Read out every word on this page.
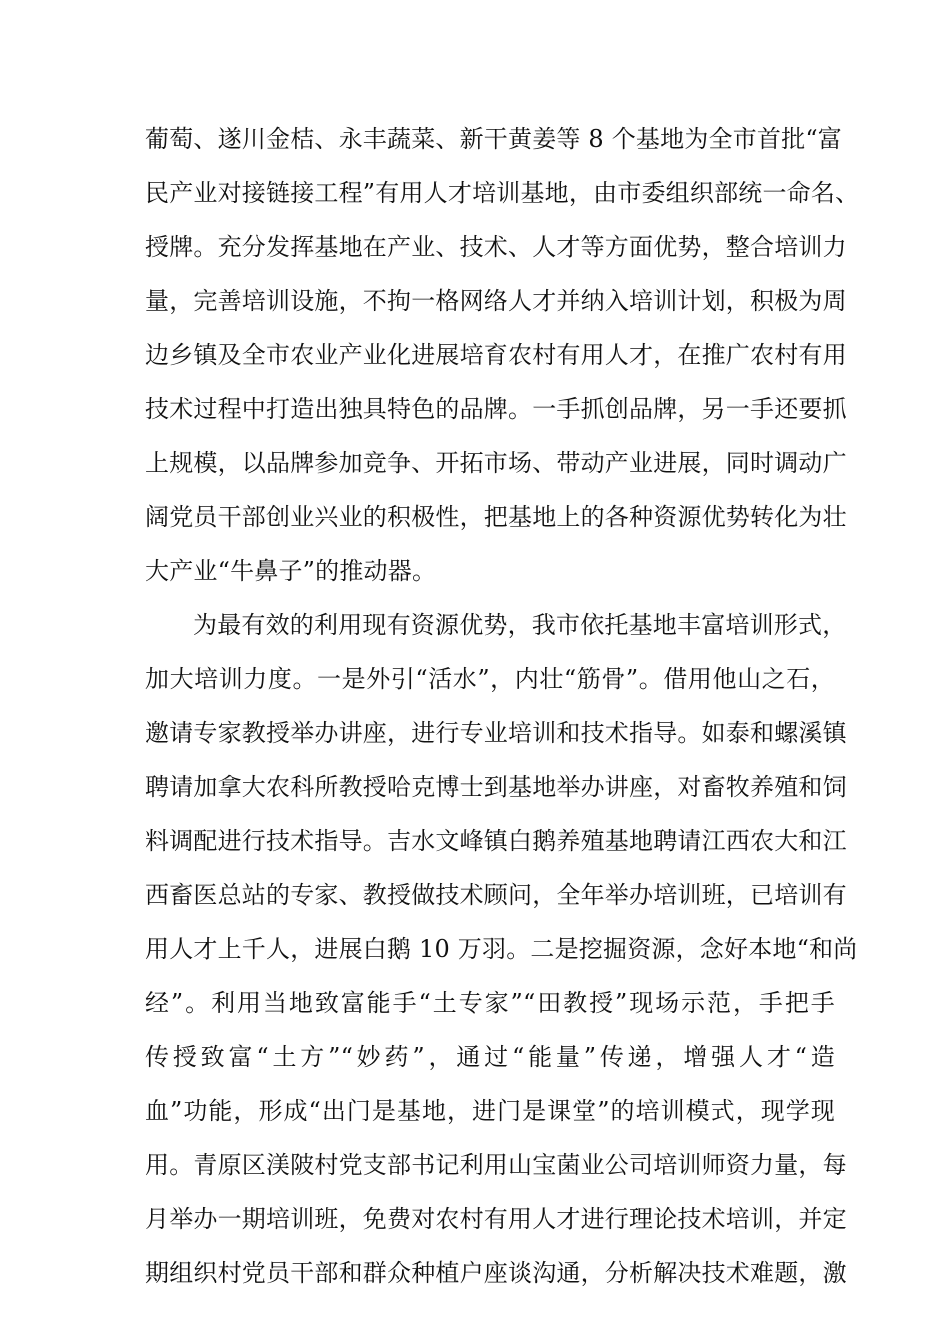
葡萄、遂川金桔、永丰蔬菜、新干黄姜等 8 个基地为全市首批“富
民产业对接链接工程”有用人才培训基地，由市委组织部统一命名、
授牌。充分发挥基地在产业、技术、人才等方面优势，整合培训力
量，完善培训设施，不拘一格网络人才并纳入培训计划，积极为周
边乡镇及全市农业产业化进展培育农村有用人才，在推广农村有用
技术过程中打造出独具特色的品牌。一手抓创品牌，另一手还要抓
上规模，以品牌参加竞争、开拓市场、带动产业进展，同时调动广
阔党员干部创业兴业的积极性，把基地上的各种资源优势转化为壮
大产业“牛鼻子”的推动器。
为最有效的利用现有资源优势，我市依托基地丰富培训形式，
加大培训力度。一是外引“活水”，内壮“筋骨”。借用他山之石，
邀请专家教授举办讲座，进行专业培训和技术指导。如泰和螺溪镇
聘请加拿大农科所教授哈克博士到基地举办讲座，对畜牧养殖和饲
料调配进行技术指导。吉水文峰镇白鹅养殖基地聘请江西农大和江
西畜医总站的专家、教授做技术顾问，全年举办培训班，已培训有
用人才上千人，进展白鹅 10 万羽。二是挖掘资源，念好本地“和尚
经”。利用当地致富能手“土专家”“田教授”现场示范，手把手
传授致富“土方”“妙药”，通过“能量”传递，增强人才“造
血”功能，形成“出门是基地，进门是课堂”的培训模式，现学现
用。青原区渼陂村党支部书记利用山宝菌业公司培训师资力量，每
月举办一期培训班，免费对农村有用人才进行理论技术培训，并定
期组织村党员干部和群众种植户座谈沟通，分析解决技术难题，激
